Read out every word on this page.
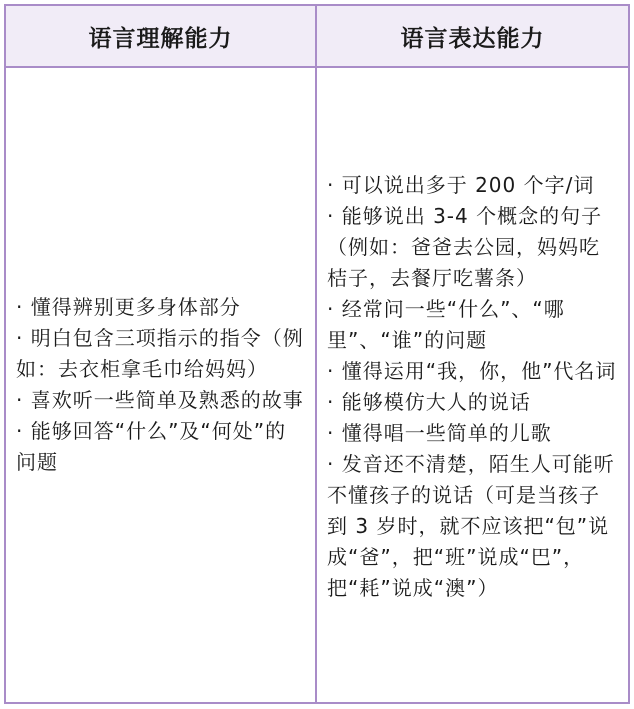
语言理解能力	语言表达能力
· 懂得辨别更多身体部分
· 明白包含三项指示的指令（例如：去衣柜拿毛巾给妈妈）
· 喜欢听一些简单及熟悉的故事
· 能够回答“什么”及“何处”的问题
· 可以说出多于 200 个字/词
· 能够说出 3-4 个概念的句子（例如：爸爸去公园，妈妈吃桔子，去餐厅吃薯条）
· 经常问一些“什么”、“哪里”、“谁”的问题
· 懂得运用“我，你，他”代名词
· 能够模仿大人的说话
· 懂得唱一些简单的儿歌
· 发音还不清楚，陌生人可能听不懂孩子的说话（可是当孩子到 3 岁时，就不应该把“包”说成“爸”，把“班”说成“巴”，把“耗”说成“澳”）
